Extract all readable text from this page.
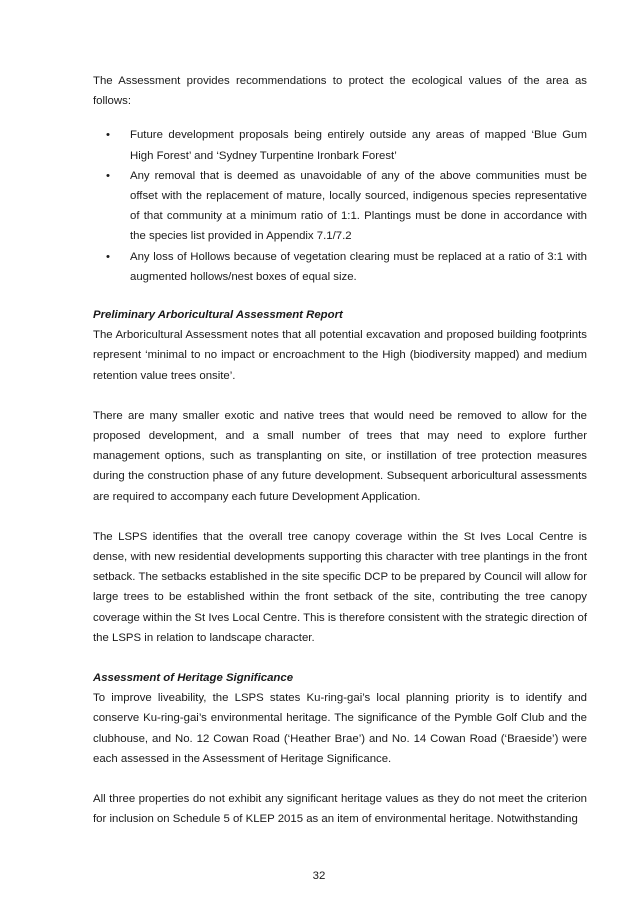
The Assessment provides recommendations to protect the ecological values of the area as follows:

• Future development proposals being entirely outside any areas of mapped ‘Blue Gum High Forest’ and ‘Sydney Turpentine Ironbark Forest’
• Any removal that is deemed as unavoidable of any of the above communities must be offset with the replacement of mature, locally sourced, indigenous species representative of that community at a minimum ratio of 1:1. Plantings must be done in accordance with the species list provided in Appendix 7.1/7.2
• Any loss of Hollows because of vegetation clearing must be replaced at a ratio of 3:1 with augmented hollows/nest boxes of equal size.
Preliminary Arboricultural Assessment Report

The Arboricultural Assessment notes that all potential excavation and proposed building footprints represent ‘minimal to no impact or encroachment to the High (biodiversity mapped) and medium retention value trees onsite’.

There are many smaller exotic and native trees that would need be removed to allow for the proposed development, and a small number of trees that may need to explore further management options, such as transplanting on site, or instillation of tree protection measures during the construction phase of any future development. Subsequent arboricultural assessments are required to accompany each future Development Application.

The LSPS identifies that the overall tree canopy coverage within the St Ives Local Centre is dense, with new residential developments supporting this character with tree plantings in the front setback. The setbacks established in the site specific DCP to be prepared by Council will allow for large trees to be established within the front setback of the site, contributing the tree canopy coverage within the St Ives Local Centre. This is therefore consistent with the strategic direction of the LSPS in relation to landscape character.

Assessment of Heritage Significance

To improve liveability, the LSPS states Ku-ring-gai’s local planning priority is to identify and conserve Ku-ring-gai’s environmental heritage. The significance of the Pymble Golf Club and the clubhouse, and No. 12 Cowan Road (‘Heather Brae’) and No. 14 Cowan Road (‘Braeside’) were each assessed in the Assessment of Heritage Significance.

All three properties do not exhibit any significant heritage values as they do not meet the criterion for inclusion on Schedule 5 of KLEP 2015 as an item of environmental heritage. Notwithstanding

32
